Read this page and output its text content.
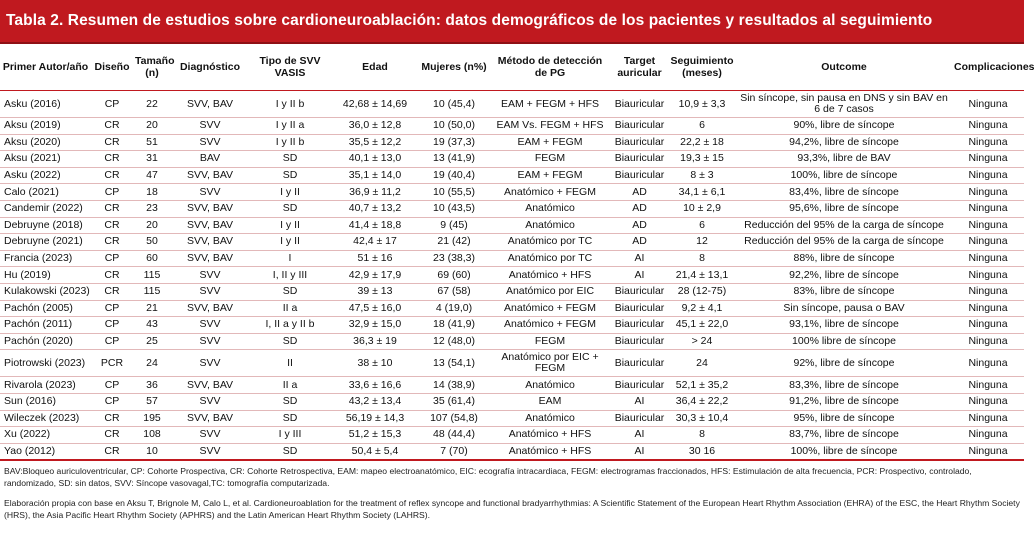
Tabla 2. Resumen de estudios sobre cardioneuroablación: datos demográficos de los pacientes y resultados al seguimiento
Primer Autor/año	Diseño	Tamaño (n)	Diagnóstico	Tipo de SVV VASIS	Edad	Mujeres (n%)	Método de detección de PG	Target auricular	Seguimiento (meses)	Outcome	Complicaciones
Asku (2016)	CP	22	SVV, BAV	I y II b	42,68 ± 14,69	10 (45,4)	EAM + FEGM + HFS	Biauricular	10,9 ± 3,3	Sin síncope, sin pausa en DNS y sin BAV en 6 de 7 casos	Ninguna
Aksu (2019)	CR	20	SVV	I y II a	36,0 ± 12,8	10 (50,0)	EAM Vs. FEGM + HFS	Biauricular	6	90%, libre de síncope	Ninguna
Aksu (2020)	CR	51	SVV	I y II b	35,5 ± 12,2	19 (37,3)	EAM + FEGM	Biauricular	22,2 ± 18	94,2%, libre de síncope	Ninguna
Aksu (2021)	CR	31	BAV	SD	40,1 ± 13,0	13 (41,9)	FEGM	Biauricular	19,3 ± 15	93,3%, libre de BAV	Ninguna
Asku (2022)	CR	47	SVV, BAV	SD	35,1 ± 14,0	19 (40,4)	EAM + FEGM	Biauricular	8 ± 3	100%, libre de síncope	Ninguna
Calo (2021)	CP	18	SVV	I y II	36,9 ± 11,2	10 (55,5)	Anatómico + FEGM	AD	34,1 ± 6,1	83,4%, libre de síncope	Ninguna
Candemir (2022)	CR	23	SVV, BAV	SD	40,7 ± 13,2	10 (43,5)	Anatómico	AD	10 ± 2,9	95,6%, libre de síncope	Ninguna
Debruyne (2018)	CR	20	SVV, BAV	I y II	41,4 ± 18,8	9 (45)	Anatómico	AD	6	Reducción del 95% de la carga de síncope	Ninguna
Debruyne (2021)	CR	50	SVV, BAV	I y II	42,4 ± 17	21 (42)	Anatómico por TC	AD	12	Reducción del 95% de la carga de síncope	Ninguna
Francia (2023)	CP	60	SVV, BAV	I	51 ± 16	23 (38,3)	Anatómico por TC	AI	8	88%, libre de síncope	Ninguna
Hu (2019)	CR	115	SVV	I, II y III	42,9 ± 17,9	69 (60)	Anatómico + HFS	AI	21,4 ± 13,1	92,2%, libre de síncope	Ninguna
Kulakowski (2023)	CR	115	SVV	SD	39 ± 13	67 (58)	Anatómico por EIC	Biauricular	28 (12-75)	83%, libre de síncope	Ninguna
Pachón (2005)	CP	21	SVV, BAV	II a	47,5 ± 16,0	4 (19,0)	Anatómico + FEGM	Biauricular	9,2 ± 4,1	Sin síncope, pausa o BAV	Ninguna
Pachón (2011)	CP	43	SVV	I, II a y II b	32,9 ± 15,0	18 (41,9)	Anatómico + FEGM	Biauricular	45,1 ± 22,0	93,1%, libre de síncope	Ninguna
Pachón (2020)	CP	25	SVV	SD	36,3 ± 19	12 (48,0)	FEGM	Biauricular	> 24	100% libre de síncope	Ninguna
Piotrowski (2023)	PCR	24	SVV	II	38 ± 10	13 (54,1)	Anatómico por EIC + FEGM	Biauricular	24	92%, libre de síncope	Ninguna
Rivarola (2023)	CP	36	SVV, BAV	II a	33,6 ± 16,6	14 (38,9)	Anatómico	Biauricular	52,1 ± 35,2	83,3%, libre de síncope	Ninguna
Sun (2016)	CP	57	SVV	SD	43,2 ± 13,4	35 (61,4)	EAM	AI	36,4 ± 22,2	91,2%, libre de síncope	Ninguna
Wileczek (2023)	CR	195	SVV, BAV	SD	56,19 ± 14,3	107 (54,8)	Anatómico	Biauricular	30,3 ± 10,4	95%, libre de síncope	Ninguna
Xu (2022)	CR	108	SVV	I y III	51,2 ± 15,3	48 (44,4)	Anatómico + HFS	AI	8	83,7%, libre de síncope	Ninguna
Yao (2012)	CR	10	SVV	SD	50,4 ± 5,4	7 (70)	Anatómico + HFS	AI	30 16	100%, libre de síncope	Ninguna

BAV:Bloqueo auriculoventricular, CP: Cohorte Prospectiva, CR: Cohorte Retrospectiva, EAM: mapeo electroanatómico, EIC: ecografía intracardiaca, FEGM: electrogramas fraccionados, HFS: Estimulación de alta frecuencia, PCR: Prospectivo, controlado, randomizado, SD: sin datos, SVV: Síncope vasovagal,TC: tomografía computarizada.

Elaboración propia con base en Aksu T, Brignole M, Calo L, et al. Cardioneuroablation for the treatment of reflex syncope and functional bradyarrhythmias: A Scientific Statement of the European Heart Rhythm Association (EHRA) of the ESC, the Heart Rhythm Society (HRS), the Asia Pacific Heart Rhythm Society (APHRS) and the Latin American Heart Rhythm Society (LAHRS).
